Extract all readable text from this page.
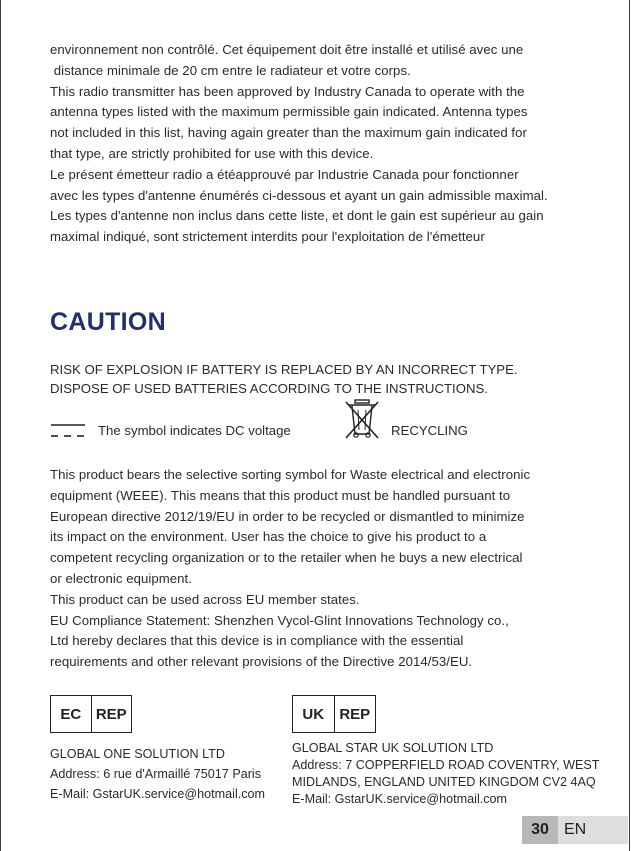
environnement non contrôlé. Cet équipement doit être installé et utilisé avec une

distance minimale de 20 cm entre le radiateur et votre corps.

This radio transmitter has been approved by Industry Canada to operate with the

antenna types listed with the maximum permissible gain indicated. Antenna types

not included in this list, having again greater than the maximum gain indicated for

that type, are strictly prohibited for use with this device.

Le présent émetteur radio a étéapprouvé par Industrie Canada pour fonctionner

avec les types d'antenne énumérés ci-dessous et ayant un gain admissible maximal.

Les types d'antenne non inclus dans cette liste, et dont le gain est supérieur au gain

maximal indiqué, sont strictement interdits pour l'exploitation de l'émetteur

CAUTION

RISK OF EXPLOSION IF BATTERY IS REPLACED BY AN INCORRECT TYPE.

DISPOSE OF USED BATTERIES ACCORDING TO THE INSTRUCTIONS.

The symbol indicates DC voltage	RECYCLING

This product bears the selective sorting symbol for Waste electrical and electronic

equipment (WEEE). This means that this product must be handled pursuant to

European directive 2012/19/EU in order to be recycled or dismantled to minimize

its impact on the environment. User has the choice to give his product to a

competent recycling organization or to the retailer when he buys a new electrical

or electronic equipment.

This product can be used across EU member states.

EU Compliance Statement: Shenzhen Vycol-Glint Innovations Technology co.,

Ltd hereby declares that this device is in compliance with the essential

requirements and other relevant provisions of the Directive 2014/53/EU.

EC REP	UK	REP

GLOBAL ONE SOLUTION LTD

Address: 6 rue d'Armaillé 75017 Paris

E-Mail: GstarUK.service@hotmail.com

GLOBAL STAR UK SOLUTION LTD

Address: 7 COPPERFIELD ROAD COVENTRY, WEST

MIDLANDS, ENGLAND UNITED KINGDOM CV2 4AQ

E-Mail: GstarUK.service@hotmail.com

30 EN
